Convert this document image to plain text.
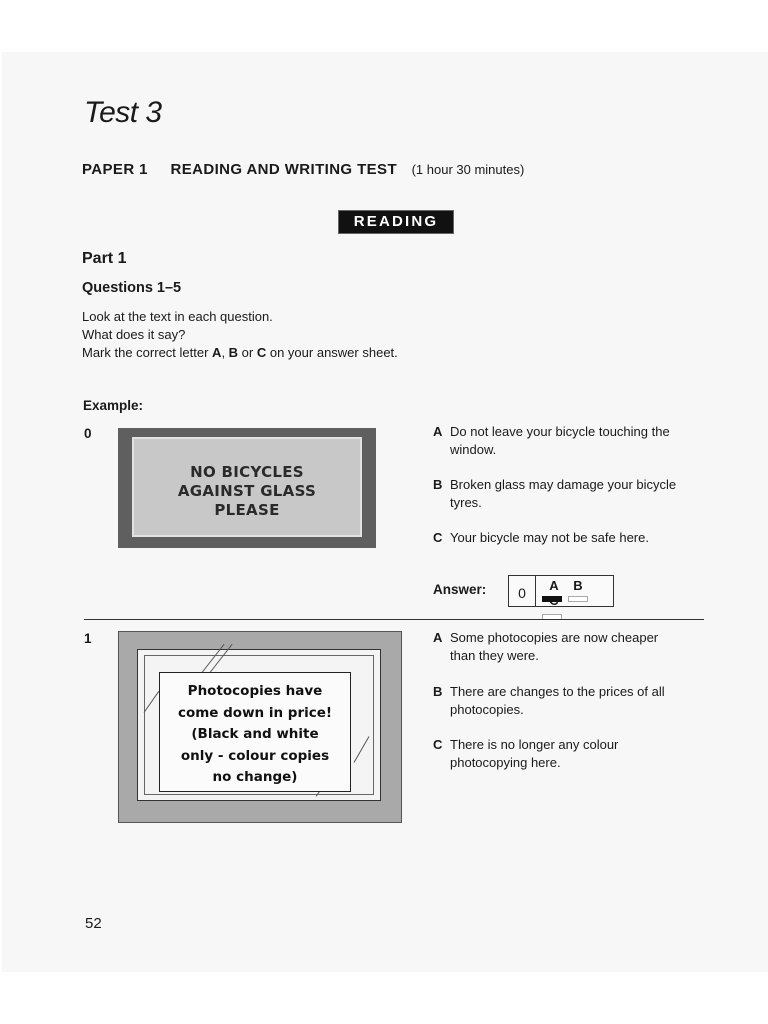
Test 3
PAPER 1 READING AND WRITING TEST (1 hour 30 minutes)
READING
Part 1
Questions 1–5
Look at the text in each question.
What does it say?
Mark the correct letter A, B or C on your answer sheet.
Example:
0
NO BICYCLES
AGAINST GLASS
PLEASE
A Do not leave your bicycle touching the
window.
B Broken glass may damage your bicycle
tyres.
C Your bicycle may not be safe here.
Answer:	0	A B
1
Photocopies have
come down in price!
(Black and white
only - colour copies
no change)
A Some photocopies are now cheaper
than they were.
B There are changes to the prices of all
photocopies.
C There is no longer any colour
photocopying here.
52
